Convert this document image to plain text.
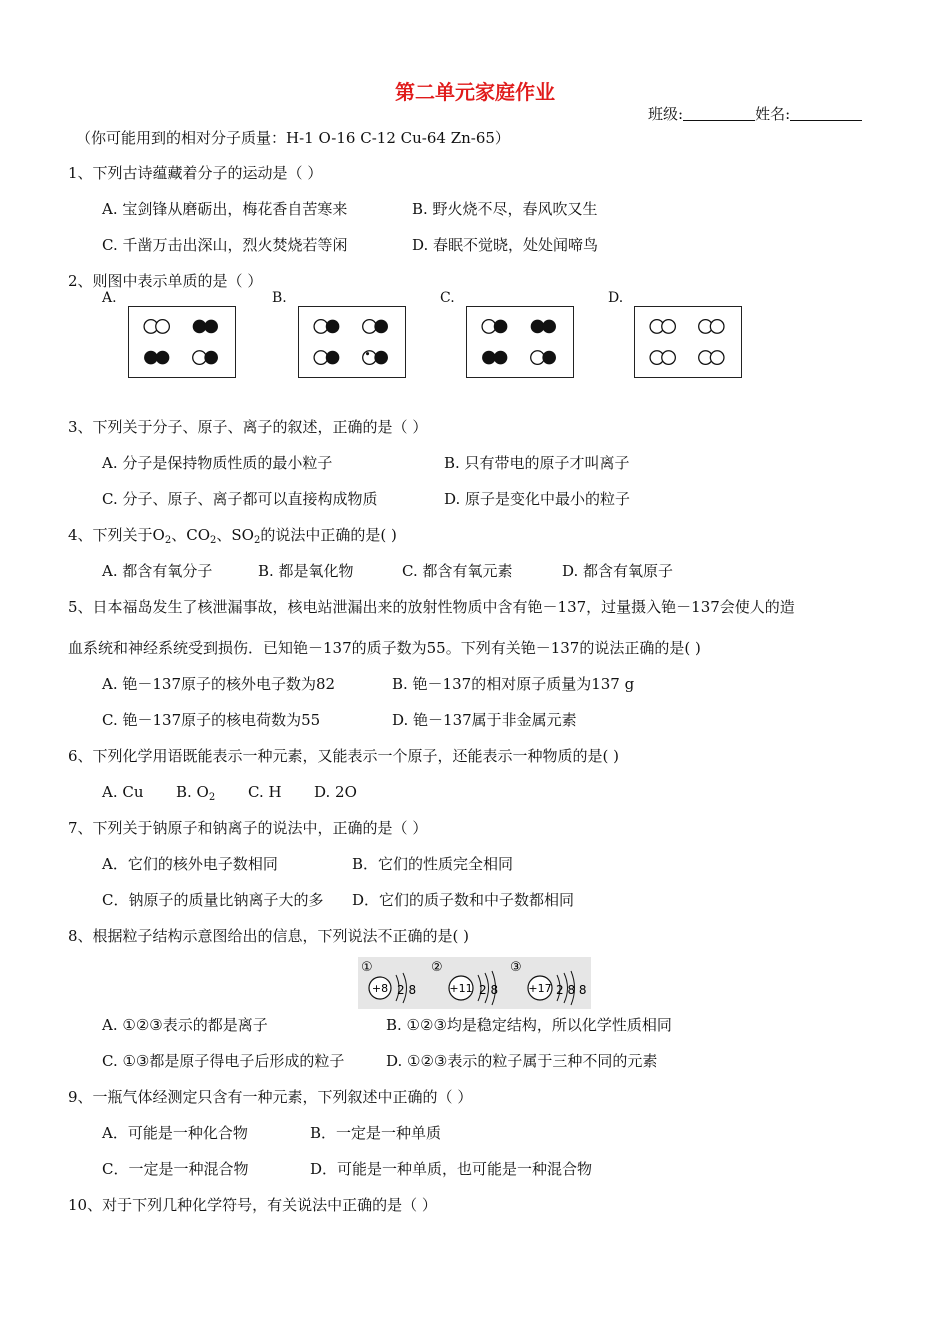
第二单元家庭作业
班级:	姓名:
（你可能用到的相对分子质量：H-1 O-16 C-12 Cu-64 Zn-65）
1、下列古诗蕴藏着分子的运动是（ ）
A. 宝剑锋从磨砺出，梅花香自苦寒来	B. 野火烧不尽，春风吹又生
C. 千凿万击出深山，烈火焚烧若等闲	D. 春眠不觉晓，处处闻啼鸟
2、则图中表示单质的是（ ）
A.	B.	C.	D.
3、下列关于分子、原子、离子的叙述，正确的是（ ）
A. 分子是保持物质性质的最小粒子	B. 只有带电的原子才叫离子
C. 分子、原子、离子都可以直接构成物质	D. 原子是变化中最小的粒子
4、下列关于$O_2$、$CO_2$、$SO_2$的说法中正确的是( )
A. 都含有氧分子	B. 都是氧化物	C. 都含有氧元素	D. 都含有氧原子
5、日本福岛发生了核泄漏事故，核电站泄漏出来的放射性物质中含有铯－137，过量摄入铯－137会使人的造
血系统和神经系统受到损伤．已知铯－137的质子数为55。下列有关铯－137的说法正确的是( )
A. 铯－137原子的核外电子数为82	B. 铯－137的相对原子质量为137 g
C. 铯－137原子的核电荷数为55	D. 铯－137属于非金属元素
6、下列化学用语既能表示一种元素，又能表示一个原子，还能表示一种物质的是( )
A. Cu B. $O_2$ C. H D. 2O
7、下列关于钠原子和钠离子的说法中，正确的是（ ）
A．它们的核外电子数相同	B．它们的性质完全相同
C．钠原子的质量比钠离子大的多 D．它们的质子数和中子数都相同
8、根据粒子结构示意图给出的信息，下列说法不正确的是( )
①
+8 2 8
②
+11 2 8
③
+17 2 8 8
A. ①②③表示的都是离子	B. ①②③均是稳定结构，所以化学性质相同
C. ①③都是原子得电子后形成的粒子	D. ①②③表示的粒子属于三种不同的元素
9、一瓶气体经测定只含有一种元素，下列叙述中正确的（ ）
A．可能是一种化合物	B．一定是一种单质
C．一定是一种混合物	D．可能是一种单质，也可能是一种混合物
10、对于下列几种化学符号，有关说法中正确的是（ ）
